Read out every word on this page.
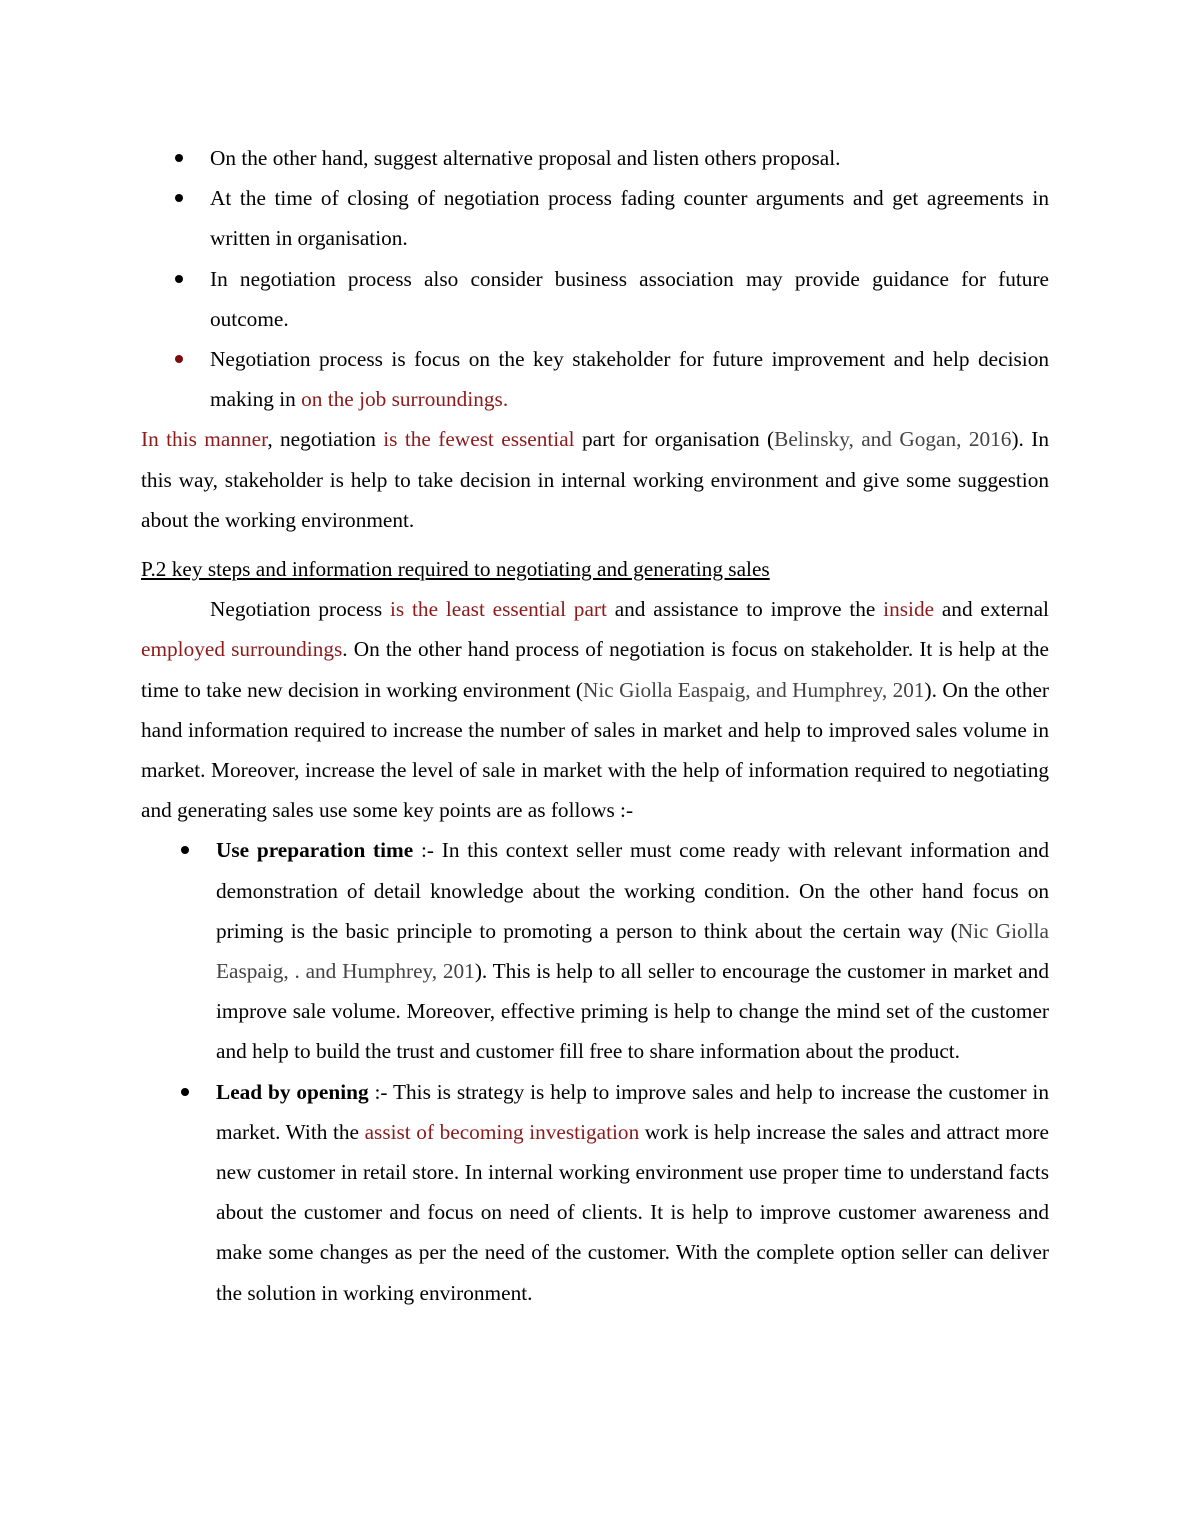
On the other hand, suggest alternative proposal and listen others proposal.
At the time of closing of negotiation process fading counter arguments and get agreements in written in organisation.
In negotiation process also consider business association may provide guidance for future outcome.
Negotiation process is focus on the key stakeholder for future improvement and help decision making in on the job surroundings.

In this manner, negotiation is the fewest essential part for organisation (Belinsky, and Gogan, 2016). In this way, stakeholder is help to take decision in internal working environment and give some suggestion about the working environment.

P.2 key steps and information required to negotiating and generating sales

Negotiation process is the least essential part and assistance to improve the inside and external employed surroundings. On the other hand process of negotiation is focus on stakeholder. It is help at the time to take new decision in working environment (Nic Giolla Easpaig, and Humphrey, 201). On the other hand information required to increase the number of sales in market and help to improved sales volume in market. Moreover, increase the level of sale in market with the help of information required to negotiating and generating sales use some key points are as follows :-

Use preparation time :- In this context seller must come ready with relevant information and demonstration of detail knowledge about the working condition. On the other hand focus on priming is the basic principle to promoting a person to think about the certain way (Nic Giolla Easpaig, . and Humphrey, 201). This is help to all seller to encourage the customer in market and improve sale volume. Moreover, effective priming is help to change the mind set of the customer and help to build the trust and customer fill free to share information about the product.
Lead by opening :- This is strategy is help to improve sales and help to increase the customer in market. With the assist of becoming investigation work is help increase the sales and attract more new customer in retail store. In internal working environment use proper time to understand facts about the customer and focus on need of clients. It is help to improve customer awareness and make some changes as per the need of the customer. With the complete option seller can deliver the solution in working environment.
